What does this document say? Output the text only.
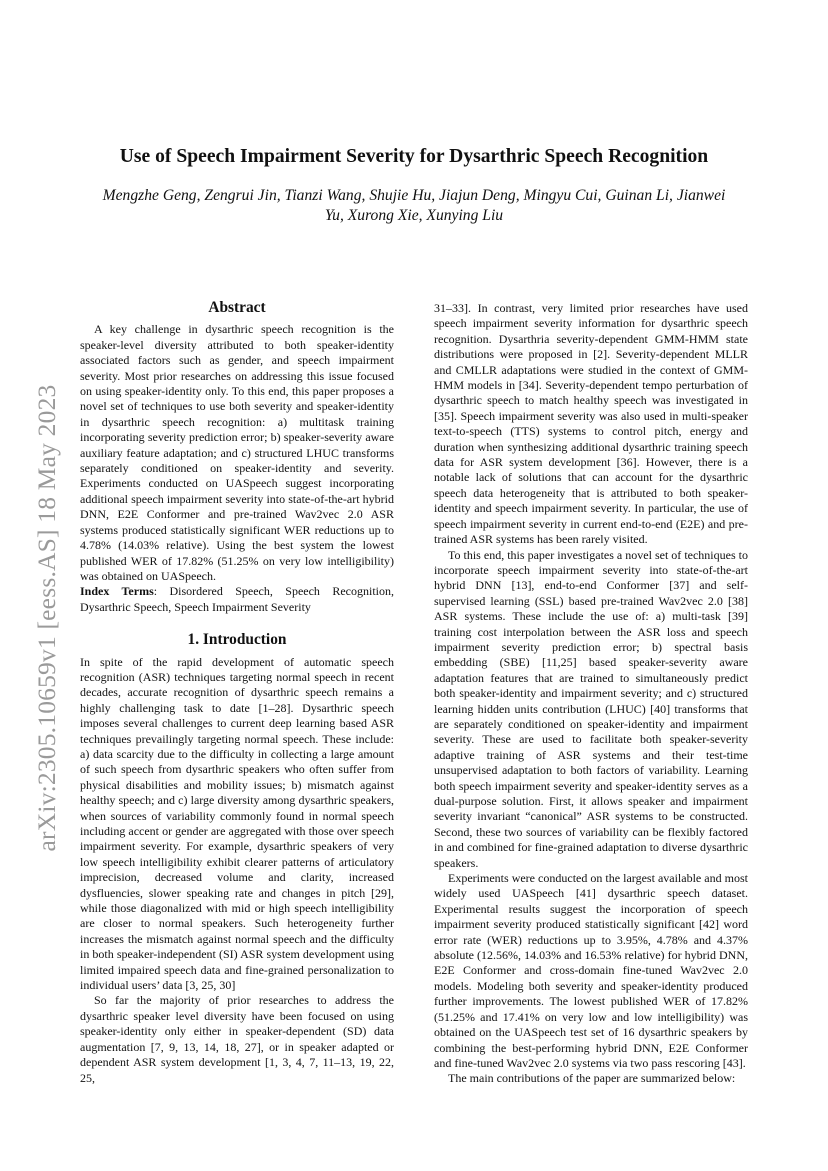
arXiv:2305.10659v1 [eess.AS] 18 May 2023
Use of Speech Impairment Severity for Dysarthric Speech Recognition
Mengzhe Geng, Zengrui Jin, Tianzi Wang, Shujie Hu, Jiajun Deng, Mingyu Cui, Guinan Li, Jianwei
Yu, Xurong Xie, Xunying Liu
Abstract

A key challenge in dysarthric speech recognition is the speaker-level diversity attributed to both speaker-identity associated factors such as gender, and speech impairment severity. Most prior researches on addressing this issue focused on using speaker-identity only. To this end, this paper proposes a novel set of techniques to use both severity and speaker-identity in dysarthric speech recognition: a) multitask training incorporating severity prediction error; b) speaker-severity aware auxiliary feature adaptation; and c) structured LHUC transforms separately conditioned on speaker-identity and severity. Experiments conducted on UASpeech suggest incorporating additional speech impairment severity into state-of-the-art hybrid DNN, E2E Conformer and pre-trained Wav2vec 2.0 ASR systems produced statistically significant WER reductions up to 4.78% (14.03% relative). Using the best system the lowest published WER of 17.82% (51.25% on very low intelligibility) was obtained on UASpeech.

Index Terms: Disordered Speech, Speech Recognition, Dysarthric Speech, Speech Impairment Severity

1. Introduction

In spite of the rapid development of automatic speech recognition (ASR) techniques targeting normal speech in recent decades, accurate recognition of dysarthric speech remains a highly challenging task to date [1–28]. Dysarthric speech imposes several challenges to current deep learning based ASR techniques prevailingly targeting normal speech. These include: a) data scarcity due to the difficulty in collecting a large amount of such speech from dysarthric speakers who often suffer from physical disabilities and mobility issues; b) mismatch against healthy speech; and c) large diversity among dysarthric speakers, when sources of variability commonly found in normal speech including accent or gender are aggregated with those over speech impairment severity. For example, dysarthric speakers of very low speech intelligibility exhibit clearer patterns of articulatory imprecision, decreased volume and clarity, increased dysfluencies, slower speaking rate and changes in pitch [29], while those diagonalized with mid or high speech intelligibility are closer to normal speakers. Such heterogeneity further increases the mismatch against normal speech and the difficulty in both speaker-independent (SI) ASR system development using limited impaired speech data and fine-grained personalization to individual users’ data [3, 25, 30]

So far the majority of prior researches to address the dysarthric speaker level diversity have been focused on using speaker-identity only either in speaker-dependent (SD) data augmentation [7, 9, 13, 14, 18, 27], or in speaker adapted or dependent ASR system development [1, 3, 4, 7, 11–13, 19, 22, 25,

31–33]. In contrast, very limited prior researches have used speech impairment severity information for dysarthric speech recognition. Dysarthria severity-dependent GMM-HMM state distributions were proposed in [2]. Severity-dependent MLLR and CMLLR adaptations were studied in the context of GMM-HMM models in [34]. Severity-dependent tempo perturbation of dysarthric speech to match healthy speech was investigated in [35]. Speech impairment severity was also used in multi-speaker text-to-speech (TTS) systems to control pitch, energy and duration when synthesizing additional dysarthric training speech data for ASR system development [36]. However, there is a notable lack of solutions that can account for the dysarthric speech data heterogeneity that is attributed to both speaker-identity and speech impairment severity. In particular, the use of speech impairment severity in current end-to-end (E2E) and pre-trained ASR systems has been rarely visited.

To this end, this paper investigates a novel set of techniques to incorporate speech impairment severity into state-of-the-art hybrid DNN [13], end-to-end Conformer [37] and self-supervised learning (SSL) based pre-trained Wav2vec 2.0 [38] ASR systems. These include the use of: a) multi-task [39] training cost interpolation between the ASR loss and speech impairment severity prediction error; b) spectral basis embedding (SBE) [11,25] based speaker-severity aware adaptation features that are trained to simultaneously predict both speaker-identity and impairment severity; and c) structured learning hidden units contribution (LHUC) [40] transforms that are separately conditioned on speaker-identity and impairment severity. These are used to facilitate both speaker-severity adaptive training of ASR systems and their test-time unsupervised adaptation to both factors of variability. Learning both speech impairment severity and speaker-identity serves as a dual-purpose solution. First, it allows speaker and impairment severity invariant “canonical” ASR systems to be constructed. Second, these two sources of variability can be flexibly factored in and combined for fine-grained adaptation to diverse dysarthric speakers.

Experiments were conducted on the largest available and most widely used UASpeech [41] dysarthric speech dataset. Experimental results suggest the incorporation of speech impairment severity produced statistically significant [42] word error rate (WER) reductions up to 3.95%, 4.78% and 4.37% absolute (12.56%, 14.03% and 16.53% relative) for hybrid DNN, E2E Conformer and cross-domain fine-tuned Wav2vec 2.0 models. Modeling both severity and speaker-identity produced further improvements. The lowest published WER of 17.82% (51.25% and 17.41% on very low and low intelligibility) was obtained on the UASpeech test set of 16 dysarthric speakers by combining the best-performing hybrid DNN, E2E Conformer and fine-tuned Wav2vec 2.0 systems via two pass rescoring [43].

The main contributions of the paper are summarized below:
